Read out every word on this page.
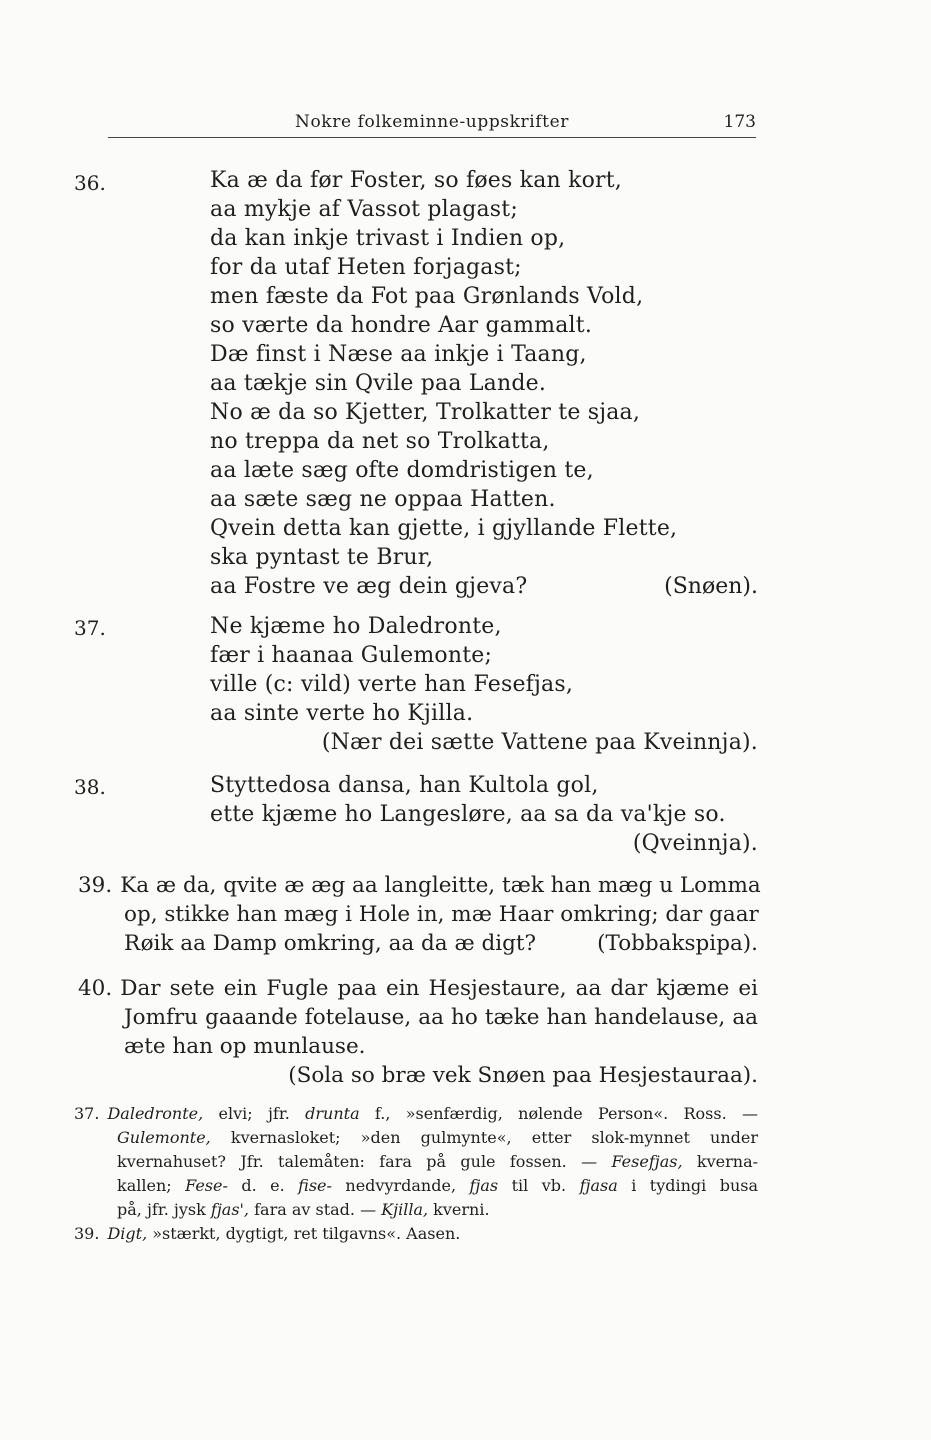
Nokre folkeminne-uppskrifter	173
36.	Ka æ da før Foster, so føes kan kort,
aa mykje af Vassot plagast;
da kan inkje trivast i Indien op,
for da utaf Heten forjagast;
men fæste da Fot paa Grønlands Vold,
so værte da hondre Aar gammalt.
Dæ finst i Næse aa inkje i Taang,
aa tækje sin Qvile paa Lande.
No æ da so Kjetter, Trolkatter te sjaa,
no treppa da net so Trolkatta,
aa læte sæg ofte domdristigen te,
aa sæte sæg ne oppaa Hatten.
Qvein detta kan gjette, i gjyllande Flette,
ska pyntast te Brur,
aa Fostre ve æg dein gjeva?	(Snøen).
37.	Ne kjæme ho Daledronte,
fær i haanaa Gulemonte;
ville (c: vild) verte han Fesefjas,
aa sinte verte ho Kjilla.
(Nær dei sætte Vattene paa Kveinnja).
38.	Styttedosa dansa, han Kultola gol,
ette kjæme ho Langesløre, aa sa da va'kje so.
(Qveinnja).
39. Ka æ da, qvite æ æg aa langleitte, tæk han mæg u Lomma
op, stikke han mæg i Hole in, mæ Haar omkring; dar gaar
Røik aa Damp omkring, aa da æ digt?	(Tobbakspipa).
40. Dar sete ein Fugle paa ein Hesjestaure, aa dar kjæme ei
Jomfru gaaande fotelause, aa ho tæke han handelause, aa
æte han op munlause.
(Sola so bræ vek Snøen paa Hesjestauraa).
37. Daledronte, elvi; jfr. drunta f., »senfærdig, nølende Person«. Ross. —
Gulemonte, kvernasloket; »den gulmynte«, etter slok-mynnet under
kvernahuset? Jfr. talemåten: fara på gule fossen. — Fesefjas, kverna-
kallen; Fese- d. e. fise- nedvyrdande, fjas til vb. fjasa i tydingi busa
på, jfr. jysk fjas', fara av stad. — Kjilla, kverni.
39. Digt, »stærkt, dygtigt, ret tilgavns«. Aasen.
